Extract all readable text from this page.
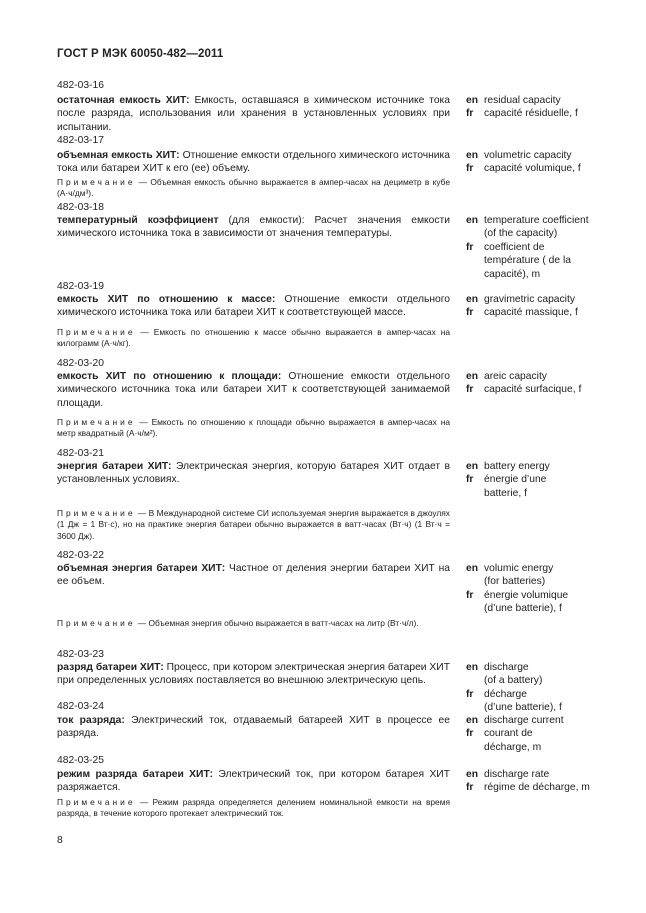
ГОСТ Р МЭК 60050-482—2011
482-03-16
остаточная емкость ХИТ: Емкость, оставшаяся в химическом источнике тока после разряда, использования или хранения в установленных условиях при испытании.
en residual capacity
fr	capacité résiduelle, f
482-03-17
объемная емкость ХИТ: Отношение емкости отдельного химического источника тока или батареи ХИТ к его (ее) объему.
Примечание — Объемная емкость обычно выражается в ампер-часах на дециметр в кубе (А·ч/дм³).
en volumetric capacity
fr	capacité volumique, f
482-03-18
температурный коэффициент (для емкости): Расчет значения емкости химического источника тока в зависимости от значения температуры.
en temperature coefficient
(of the capacity)
fr	coefficient de
température ( de la
capacité), m
482-03-19
емкость ХИТ по отношению к массе: Отношение емкости отдельного химического источника тока или батареи ХИТ к соответствующей массе.
Примечание — Емкость по отношению к массе обычно выражается в ампер-часах на килограмм (А·ч/кг).
en gravimetric capacity
fr	capacité massique, f
482-03-20
емкость ХИТ по отношению к площади: Отношение емкости отдельного химического источника тока или батареи ХИТ к соответствующей занимаемой площади.
Примечание — Емкость по отношению к площади обычно выражается в ампер-часах на метр квадратный (А·ч/м²).
en areic capacity
fr	capacité surfacique, f
482-03-21
энергия батареи ХИТ: Электрическая энергия, которую батарея ХИТ отдает в установленных условиях.
Примечание — В Международной системе СИ используемая энергия выражается в джоулях (1 Дж = 1 Вт·с), но на практике энергия батареи обычно выражается в ватт-часах (Вт·ч) (1 Вт·ч = 3600 Дж).
en battery energy
fr	énergie d’une
batterie, f
482-03-22
объемная энергия батареи ХИТ: Частное от деления энергии батареи ХИТ на ее объем.
Примечание — Объемная энергия обычно выражается в ватт-часах на литр (Вт·ч/л).
en volumic energy
(for batteries)
fr	énergie volumique
(d’une batterie), f
482-03-23
разряд батареи ХИТ: Процесс, при котором электрическая энергия батареи ХИТ при определенных условиях поставляется во внешнюю электрическую цепь.
en discharge
(of a battery)
fr	décharge
(d’une batterie), f
482-03-24
ток разряда: Электрический ток, отдаваемый батареей ХИТ в процессе ее разряда.
en discharge current
fr	courant de
décharge, m
482-03-25
режим разряда батареи ХИТ: Электрический ток, при котором батарея ХИТ разряжается.
Примечание — Режим разряда определяется делением номинальной емкости на время разряда, в течение которого протекает электрический ток.
en discharge rate
fr	régime de décharge, m
8
